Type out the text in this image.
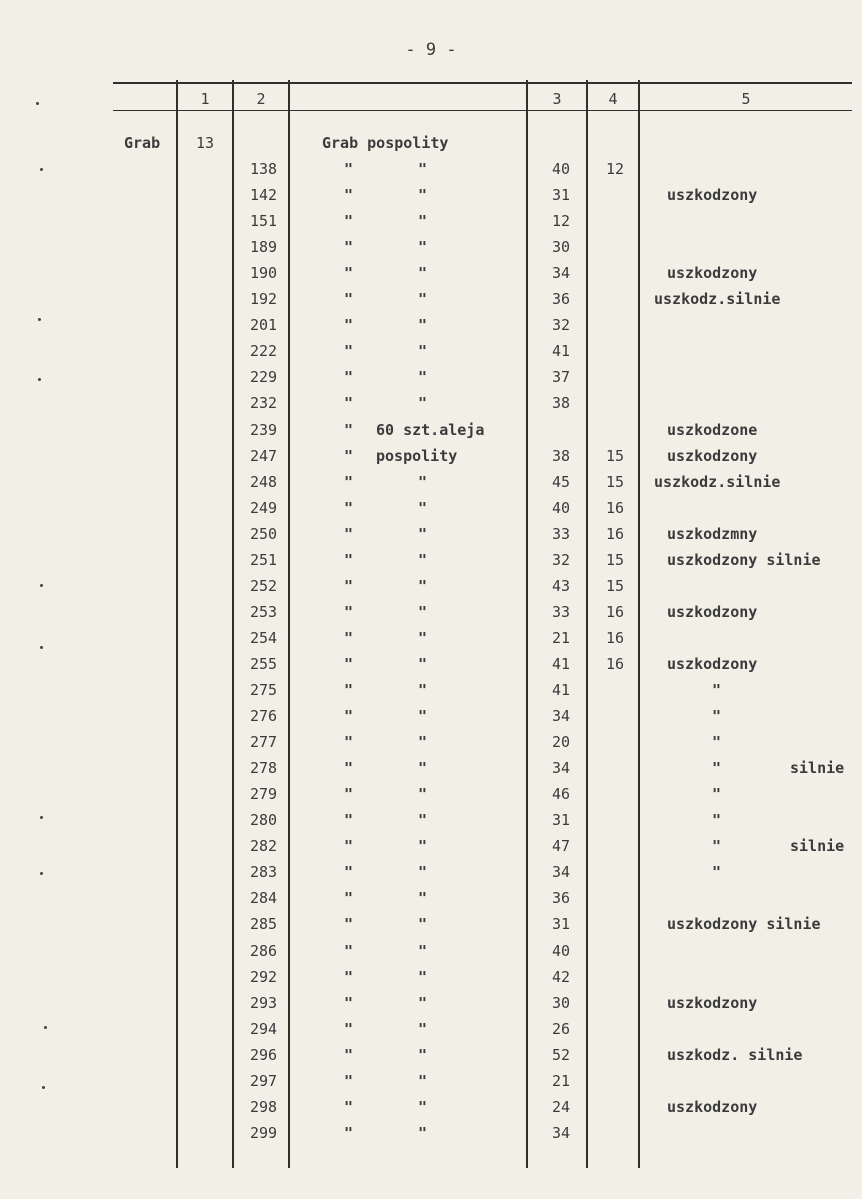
- 9 -
1	2	3	4	5
Grab 13	Grab pospolity
138	"	"	40 12
142	"	"	31	uszkodzony
151	"	"	12
189	"	"	30
190	"	"	34	uszkodzony
192	"	"	36	uszkodz.silnie
201	"	"	32
222	"	"	41
229	"	"	37
232	"	"	38
239	" 60 szt.aleja	uszkodzone
247	" pospolity	38 15	uszkodzony
248	"	"	45 15 uszkodz.silnie
249	"	"	40 16
250	"	"	33 16	uszkodzmny
251	"	"	32 15	uszkodzony silnie
252	"	"	43 15
253	"	"	33 16	uszkodzony
254	"	"	21 16
255	"	"	41 16	uszkodzony
275	"	"	41	"
276	"	"	34	"
277	"	"	20	"
278	"	"	34	"	silnie
279	"	"	46	"
280	"	"	31	"
282	"	"	47	"	silnie
283	"	"	34	"
284	"	"	36
285	"	"	31	uszkodzony silnie
286	"	"	40
292	"	"	42
293	"	"	30	uszkodzony
294	"	"	26
296	"	"	52	uszkodz. silnie
297	"	"	21
298	"	"	24	uszkodzony
299	"	"	34
